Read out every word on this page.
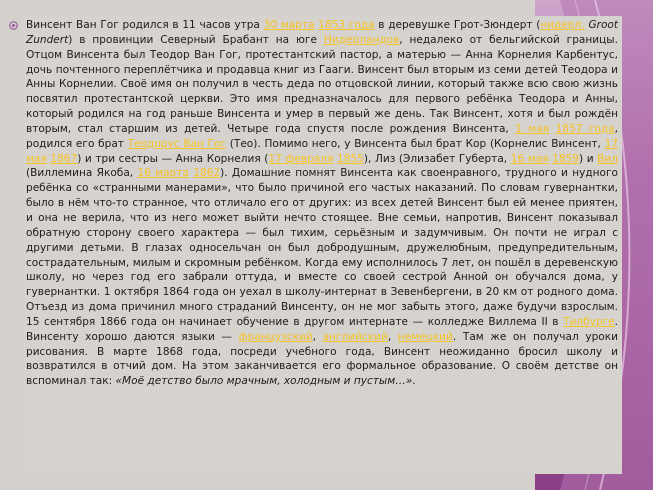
Винсент Ван Гог родился в 11 часов утра 30 марта 1853 года в деревушке Грот-Зюндерт (нидерл. Groot Zundert) в провинции Северный Брабант на юге Нидерландов, недалеко от бельгийской границы. Отцом Винсента был Теодор Ван Гог, протестантский пастор, а матерью — Анна Корнелия Карбентус, дочь почтенного переплётчика и продавца книг из Гааги. Винсент был вторым из семи детей Теодора и Анны Корнелии. Своё имя он получил в честь деда по отцовской линии, который также всю свою жизнь посвятил протестантской церкви. Это имя предназначалось для первого ребёнка Теодора и Анны, который родился на год раньше Винсента и умер в первый же день. Так Винсент, хотя и был рождён вторым, стал старшим из детей. Четыре года спустя после рождения Винсента, 1 мая 1857 года, родился его брат Теодорус Ван Гог (Тео). Помимо него, у Винсента был брат Кор (Корнелис Винсент, 17 мая 1867) и три сестры — Анна Корнелия (17 февраля 1855), Лиз (Элизабет Губерта, 16 мая 1859) и Вил (Виллемина Якоба, 16 марта 1862). Домашние помнят Винсента как своенравного, трудного и нудного ребёнка со «странными манерами», что было причиной его частых наказаний. По словам гувернантки, было в нём что-то странное, что отличало его от других: из всех детей Винсент был ей менее приятен, и она не верила, что из него может выйти нечто стоящее. Вне семьи, напротив, Винсент показывал обратную сторону своего характера — был тихим, серьёзным и задумчивым. Он почти не играл с другими детьми. В глазах односельчан он был добродушным, дружелюбным, предупредительным, сострадательным, милым и скромным ребёнком. Когда ему исполнилось 7 лет, он пошёл в деревенскую школу, но через год его забрали оттуда, и вместе со своей сестрой Анной он обучался дома, у гувернантки. 1 октября 1864 года он уехал в школу-интернат в Зевенбергени, в 20 км от родного дома. Отъезд из дома причинил много страданий Винсенту, он не мог забыть этого, даже будучи взрослым. 15 сентября 1866 года он начинает обучение в другом интернате — колледже Виллема II в Тилбурге. Винсенту хорошо даются языки — французский, английский, немецкий. Там же он получал уроки рисования. В марте 1868 года, посреди учебного года, Винсент неожиданно бросил школу и возвратился в отчий дом. На этом заканчивается его формальное образование. О своём детстве он вспоминал так: «Моё детство было мрачным, холодным и пустым…».
